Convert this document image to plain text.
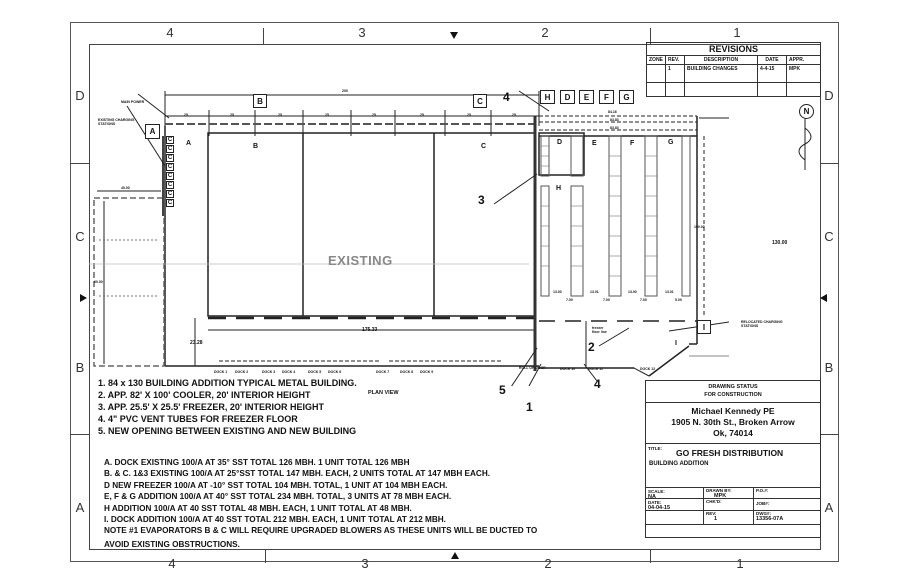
4	3	2	1
4	3	2	1
D
C
B
A
D
C
B
A
REVISIONS				
ZONE	REV.	DESCRIPTION	DATE	APPR.
	1	BUILDING CHANGES	4-4-15	MPK

N
200
25	25	25	25	25	25	25	25
84.16
83.83
83.83
40.00
60.00
23.28
175.33
130.00
100.00
13.00	13.01	13.00	13.01
7.00	7.00	7.00	5.00
EXISTING
PLAN VIEW
MAIN POWER
EXISTING CHARGING STATIONS
RELOCATED CHARGING STATIONS
freezer floor line
ROLL UP DOOR
DOCK 1 DOCK 2	DOCK 3 DOCK 4	DOCK 5 DOCK 6	DOCK 7	DOCK 8 DOCK 9
DOCK 10	DOCK 11	DOCK 12
B	C	H	D	E	F	G
A
I
C
C
C
C
C
C
C
C
A	B	C
D	E	F	G
H
I
1
2
3
4
4
5
1. 84 x 130 BUILDING ADDITION TYPICAL METAL BUILDING.
2. APP. 82' X 100' COOLER, 20' INTERIOR HEIGHT
3. APP. 25.5' X 25.5' FREEZER, 20' INTERIOR HEIGHT
4. 4" PVC VENT TUBES FOR FREEZER FLOOR
5. NEW OPENING BETWEEN EXISTING AND NEW BUILDING
A. DOCK EXISTING 100/A AT 35° SST TOTAL 126 MBH. 1 UNIT TOTAL 126 MBH
B. & C. 1&3 EXISTING 100/A AT 25°SST TOTAL 147 MBH. EACH, 2 UNITS TOTAL AT 147 MBH EACH.
D NEW FREEZER 100/A AT -10° SST TOTAL 104 MBH. TOTAL, 1 UNIT AT 104 MBH EACH.
E, F & G ADDITION 100/A AT 40° SST TOTAL 234 MBH. TOTAL, 3 UNITS AT 78 MBH EACH.
H ADDITION 100/A AT 40 SST TOTAL 48 MBH. EACH, 1 UNIT TOTAL AT 48 MBH.
I. DOCK ADDITION 100/A AT 40 SST TOTAL 212 MBH. EACH, 1 UNIT TOTAL AT 212 MBH.
NOTE #1 EVAPORATORS B & C WILL REQUIRE UPGRADED BLOWERS AS THESE UNITS WILL BE DUCTED TO
AVOID EXISTING OBSTRUCTIONS.
DRAWING STATUS
FOR CONSTRUCTION
Michael Kennedy PE
1905 N. 30th St., Broken Arrow
Ok, 74014
TITLE: GO FRESH DISTRIBUTION
BUILDING ADDITION
SCALE:
NA
DRAWN BY:
MPK
P.O.#:
DATE:
04-04-15
CHK'D:	JOB#:
REV:
1
DWG#:
13356-07A
